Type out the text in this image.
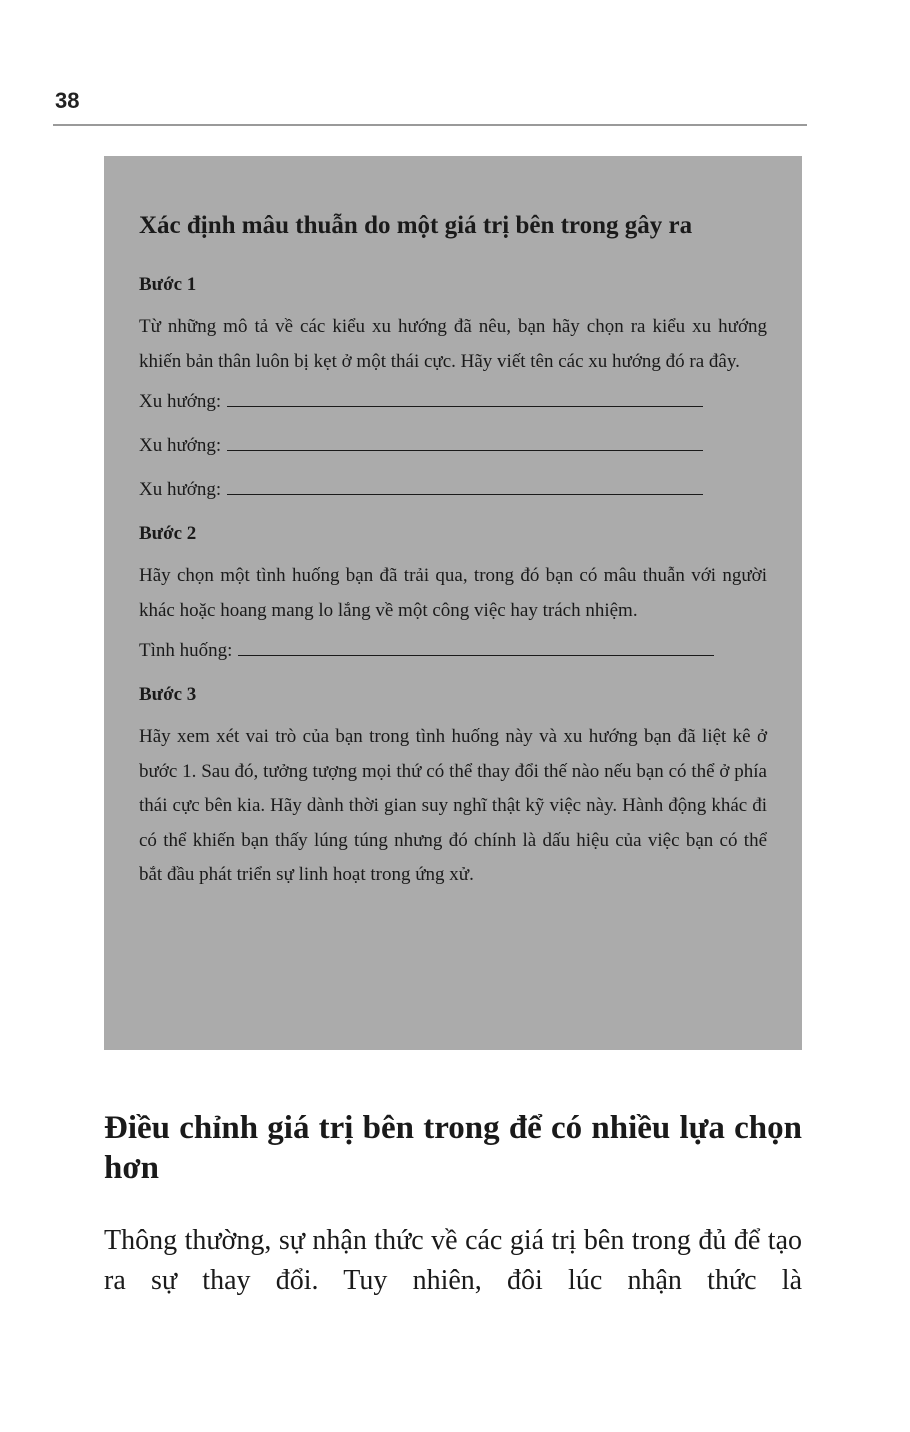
38
Xác định mâu thuẫn do một giá trị bên trong gây ra
Bước 1

Từ những mô tả về các kiểu xu hướng đã nêu, bạn hãy chọn ra kiểu xu hướng khiến bản thân luôn bị kẹt ở một thái cực. Hãy viết tên các xu hướng đó ra đây.

Xu hướng:
Xu hướng:
Xu hướng:
Bước 2

Hãy chọn một tình huống bạn đã trải qua, trong đó bạn có mâu thuẫn với người khác hoặc hoang mang lo lắng về một công việc hay trách nhiệm.

Tình huống:
Bước 3

Hãy xem xét vai trò của bạn trong tình huống này và xu hướng bạn đã liệt kê ở bước 1. Sau đó, tưởng tượng mọi thứ có thể thay đổi thế nào nếu bạn có thể ở phía thái cực bên kia. Hãy dành thời gian suy nghĩ thật kỹ việc này. Hành động khác đi có thể khiến bạn thấy lúng túng nhưng đó chính là dấu hiệu của việc bạn có thể bắt đầu phát triển sự linh hoạt trong ứng xử.

Điều chỉnh giá trị bên trong để có nhiều lựa chọn hơn

Thông thường, sự nhận thức về các giá trị bên trong đủ để tạo ra sự thay đổi. Tuy nhiên, đôi lúc nhận thức là
